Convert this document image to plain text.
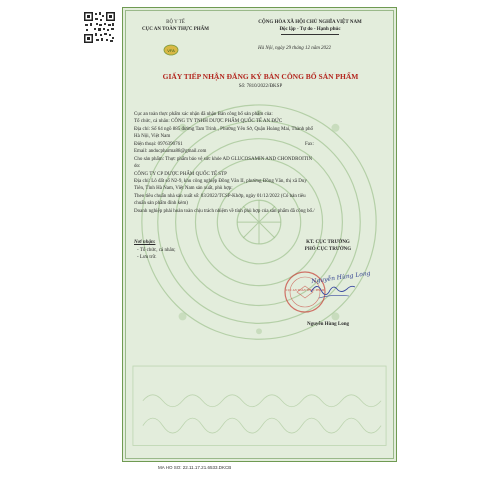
VFA
BỘ Y TẾ
CỤC AN TOÀN THỰC PHẨM
CỘNG HÒA XÃ HỘI CHỦ NGHĨA VIỆT NAM
Độc lập - Tự do - Hạnh phúc
Hà Nội, ngày 29 tháng 12 năm 2022
GIẤY TIẾP NHẬN ĐĂNG KÝ BẢN CÔNG BỐ SẢN PHẨM
Số: 7810/2022/ĐKSP
Cục an toàn thực phẩm xác nhận đã nhận Bản công bố sản phẩm của:
Tổ chức, cá nhân: CÔNG TY TNHH DƯỢC PHẨM QUỐC TẾ AN ĐỨC
Địa chỉ: Số 64 ngõ 885 đường Tam Trinh , Phường Yên Sở, Quận Hoàng Mai, Thành phố
Hà Nội, Việt Nam
Điện thoại: 0976390761	Fax:
Email: anducpharma88@gmail.com
Cho sản phẩm: Thực phẩm bảo vệ sức khỏe AD GLUCOSAMIN AND CHONDROITIN
do:
CÔNG TY CP DƯỢC PHẨM QUỐC TẾ STP
Địa chỉ: Lô đất số N2-9, khu công nghiệp Đồng Văn II, phường Đồng Văn, thị xã Duy
Tiên, Tỉnh Hà Nam, Việt Nam sản xuất, phù hợp:
Theo tiêu chuẩn nhà sản xuất số: 03/2022/TCSP-Khớp, ngày 01/12/2022 (Có bản tiêu
chuẩn sản phẩm đính kèm)
Doanh nghiệp phải hoàn toàn chịu trách nhiệm về tính phù hợp của sản phẩm đã công bố./
Nơi nhận:
- Tổ chức, cá nhân;
- Lưu trữ.
KT. CỤC TRƯỞNG
PHÓ CỤC TRƯỞNG
CỤC AN TOÀN THỰC PHẨM
Nguyễn Hùng Long
Nguyễn Hùng Long
MA HO SO: 22.11.17.21.6533.DKCB
